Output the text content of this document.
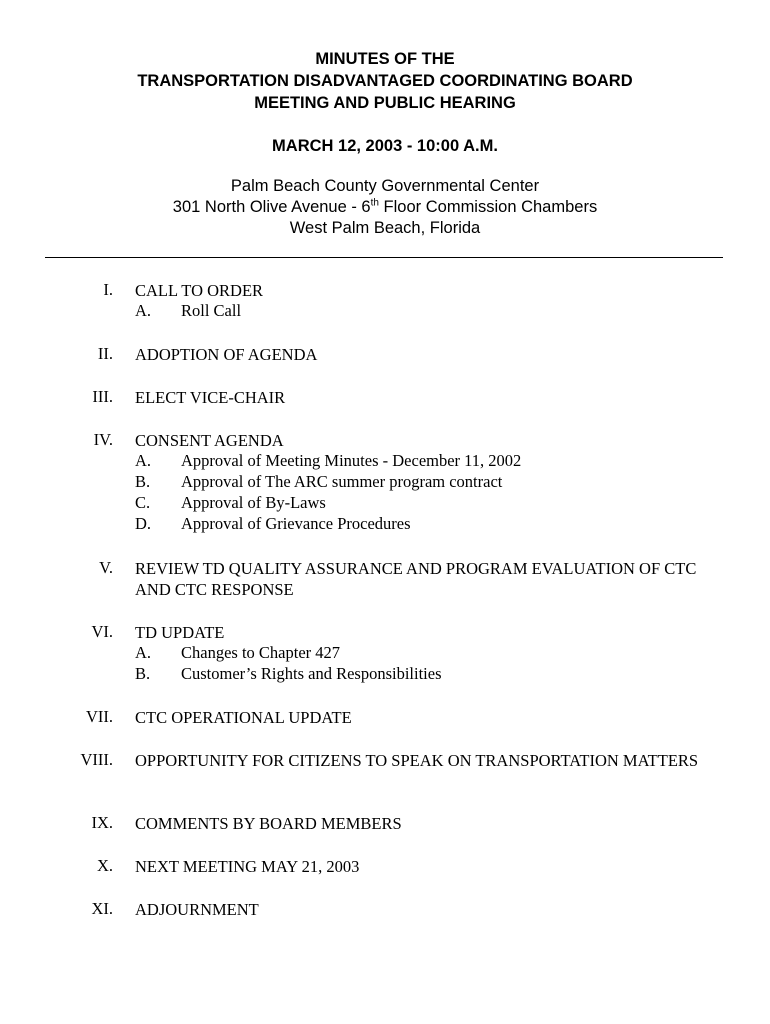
MINUTES OF THE
TRANSPORTATION DISADVANTAGED COORDINATING BOARD
MEETING AND PUBLIC HEARING
MARCH 12, 2003 - 10:00 A.M.
Palm Beach County Governmental Center
301 North Olive Avenue - 6th Floor Commission Chambers
West Palm Beach, Florida
I. CALL TO ORDER
A. Roll Call
II. ADOPTION OF AGENDA
III. ELECT VICE-CHAIR
IV. CONSENT AGENDA
A. Approval of Meeting Minutes - December 11, 2002
B. Approval of The ARC summer program contract
C. Approval of By-Laws
D. Approval of Grievance Procedures
V. REVIEW TD QUALITY ASSURANCE AND PROGRAM EVALUATION OF CTC AND CTC RESPONSE
VI. TD UPDATE
A. Changes to Chapter 427
B. Customer’s Rights and Responsibilities
VII. CTC OPERATIONAL UPDATE
VIII. OPPORTUNITY FOR CITIZENS TO SPEAK ON TRANSPORTATION MATTERS
IX. COMMENTS BY BOARD MEMBERS
X. NEXT MEETING MAY 21, 2003
XI. ADJOURNMENT
